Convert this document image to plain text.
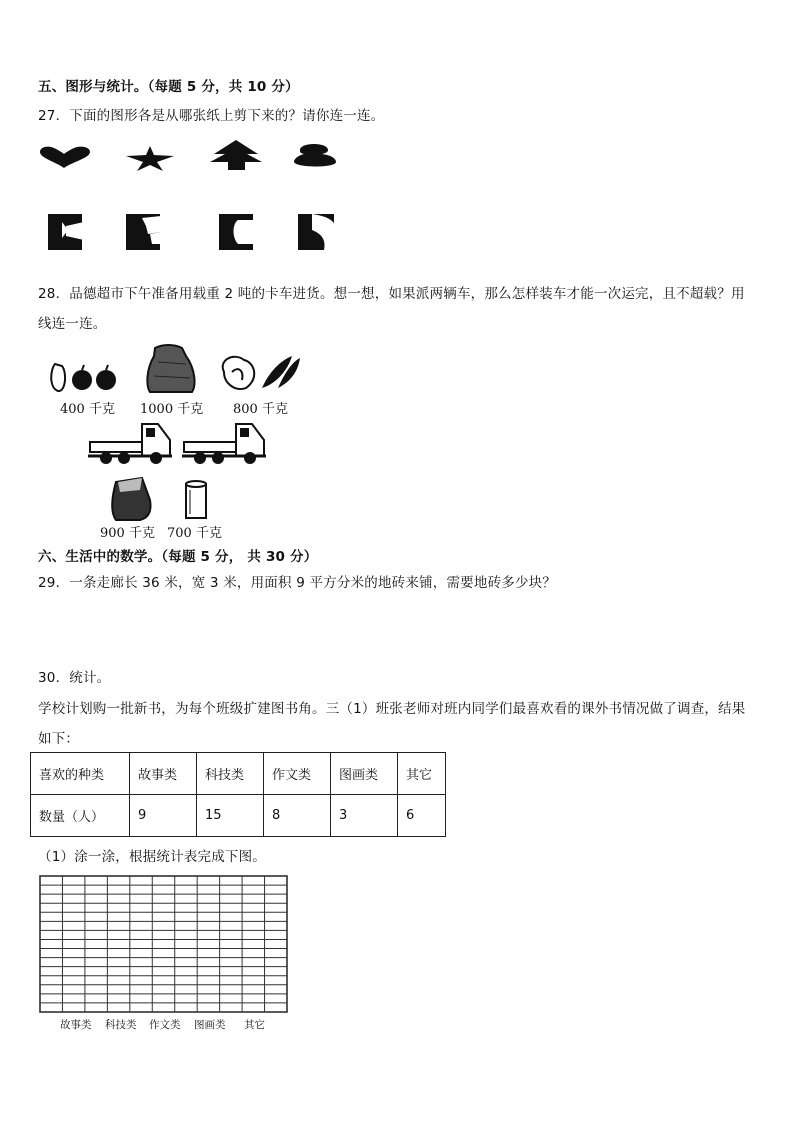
五、图形与统计。（每题 5 分，共 10 分）
27．下面的图形各是从哪张纸上剪下来的？请你连一连。
28．品德超市下午准备用载重 2 吨的卡车进货。想一想，如果派两辆车，那么怎样装车才能一次运完，且不超载？用
线连一连。
400 千克 1000 千克 800 千克
900 千克 700 千克
六、生活中的数学。（每题 5 分， 共 30 分）
29．一条走廊长 36 米，宽 3 米，用面积 9 平方分米的地砖来铺，需要地砖多少块？
30．统计。
学校计划购一批新书，为每个班级扩建图书角。三（1）班张老师对班内同学们最喜欢看的课外书情况做了调查，结果
如下：
喜欢的种类	故事类	科技类	作文类	图画类	其它
数量（人）	9	15	8	3	6
（1）涂一涂，根据统计表完成下图。
故事类 科技类 作文类 图画类 其它
